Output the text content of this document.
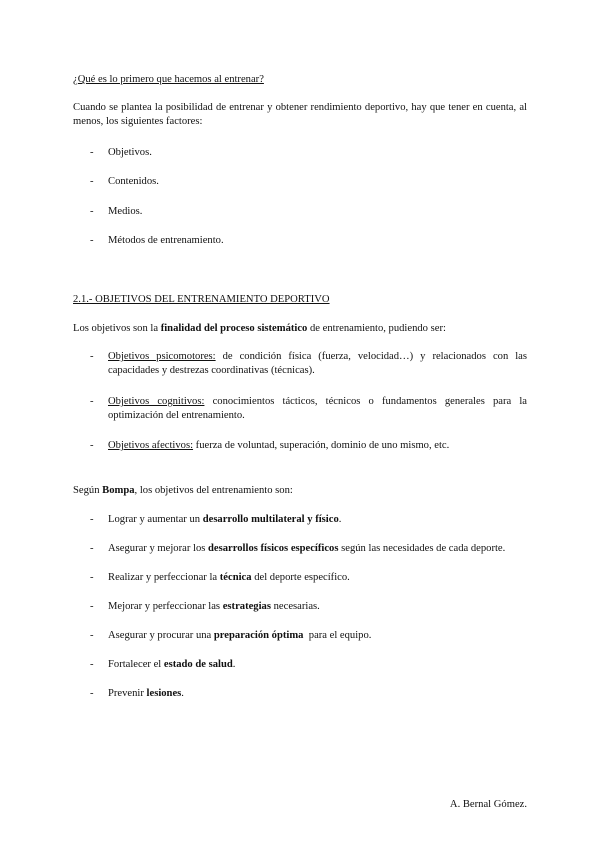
¿Qué es lo primero que hacemos al entrenar?
Cuando se plantea la posibilidad de entrenar y obtener rendimiento deportivo, hay que tener en cuenta, al menos, los siguientes factores:
- Objetivos.
- Contenidos.
- Medios.
- Métodos de entrenamiento.
2.1.- OBJETIVOS DEL ENTRENAMIENTO DEPORTIVO
Los objetivos son la finalidad del proceso sistemático de entrenamiento, pudiendo ser:
- Objetivos psicomotores: de condición física (fuerza, velocidad…) y relacionados con las capacidades y destrezas coordinativas (técnicas).
- Objetivos cognitivos: conocimientos tácticos, técnicos o fundamentos generales para la optimización del entrenamiento.
- Objetivos afectivos: fuerza de voluntad, superación, dominio de uno mismo, etc.
Según Bompa, los objetivos del entrenamiento son:
- Lograr y aumentar un desarrollo multilateral y físico.
- Asegurar y mejorar los desarrollos físicos específicos según las necesidades de cada deporte.
- Realizar y perfeccionar la técnica del deporte específico.
- Mejorar y perfeccionar las estrategias necesarias.
- Asegurar y procurar una preparación óptima  para el equipo.
- Fortalecer el estado de salud.
- Prevenir lesiones.
A. Bernal Gómez.
